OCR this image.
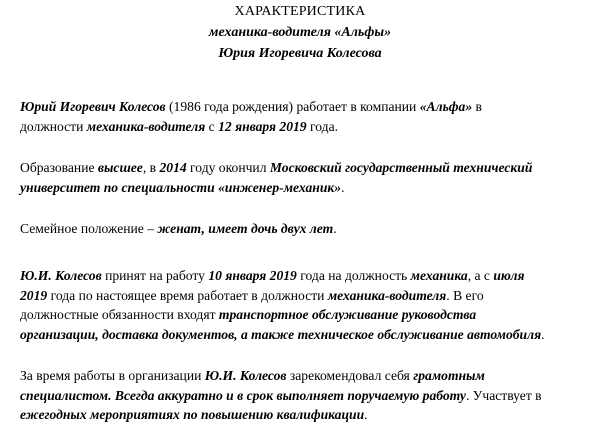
ХАРАКТЕРИСТИКА
механика-водителя «Альфы»
Юрия Игоревича Колесова
Юрий Игоревич Колесов (1986 года рождения) работает в компании «Альфа» в
должности механика-водителя с 12 января 2019 года.
Образование высшее, в 2014 году окончил Московский государственный технический
университет по специальности «инженер-механик».
Семейное положение – женат, имеет дочь двух лет.
Ю.И. Колесов принят на работу 10 января 2019 года на должность механика, а с июля
2019 года по настоящее время работает в должности механика-водителя. В его
должностные обязанности входят транспортное обслуживание руководства
организации, доставка документов, а также техническое обслуживание автомобиля.
За время работы в организации Ю.И. Колесов зарекомендовал себя грамотным
специалистом. Всегда аккуратно и в срок выполняет поручаемую работу. Участвует в
ежегодных мероприятиях по повышению квалификации.
